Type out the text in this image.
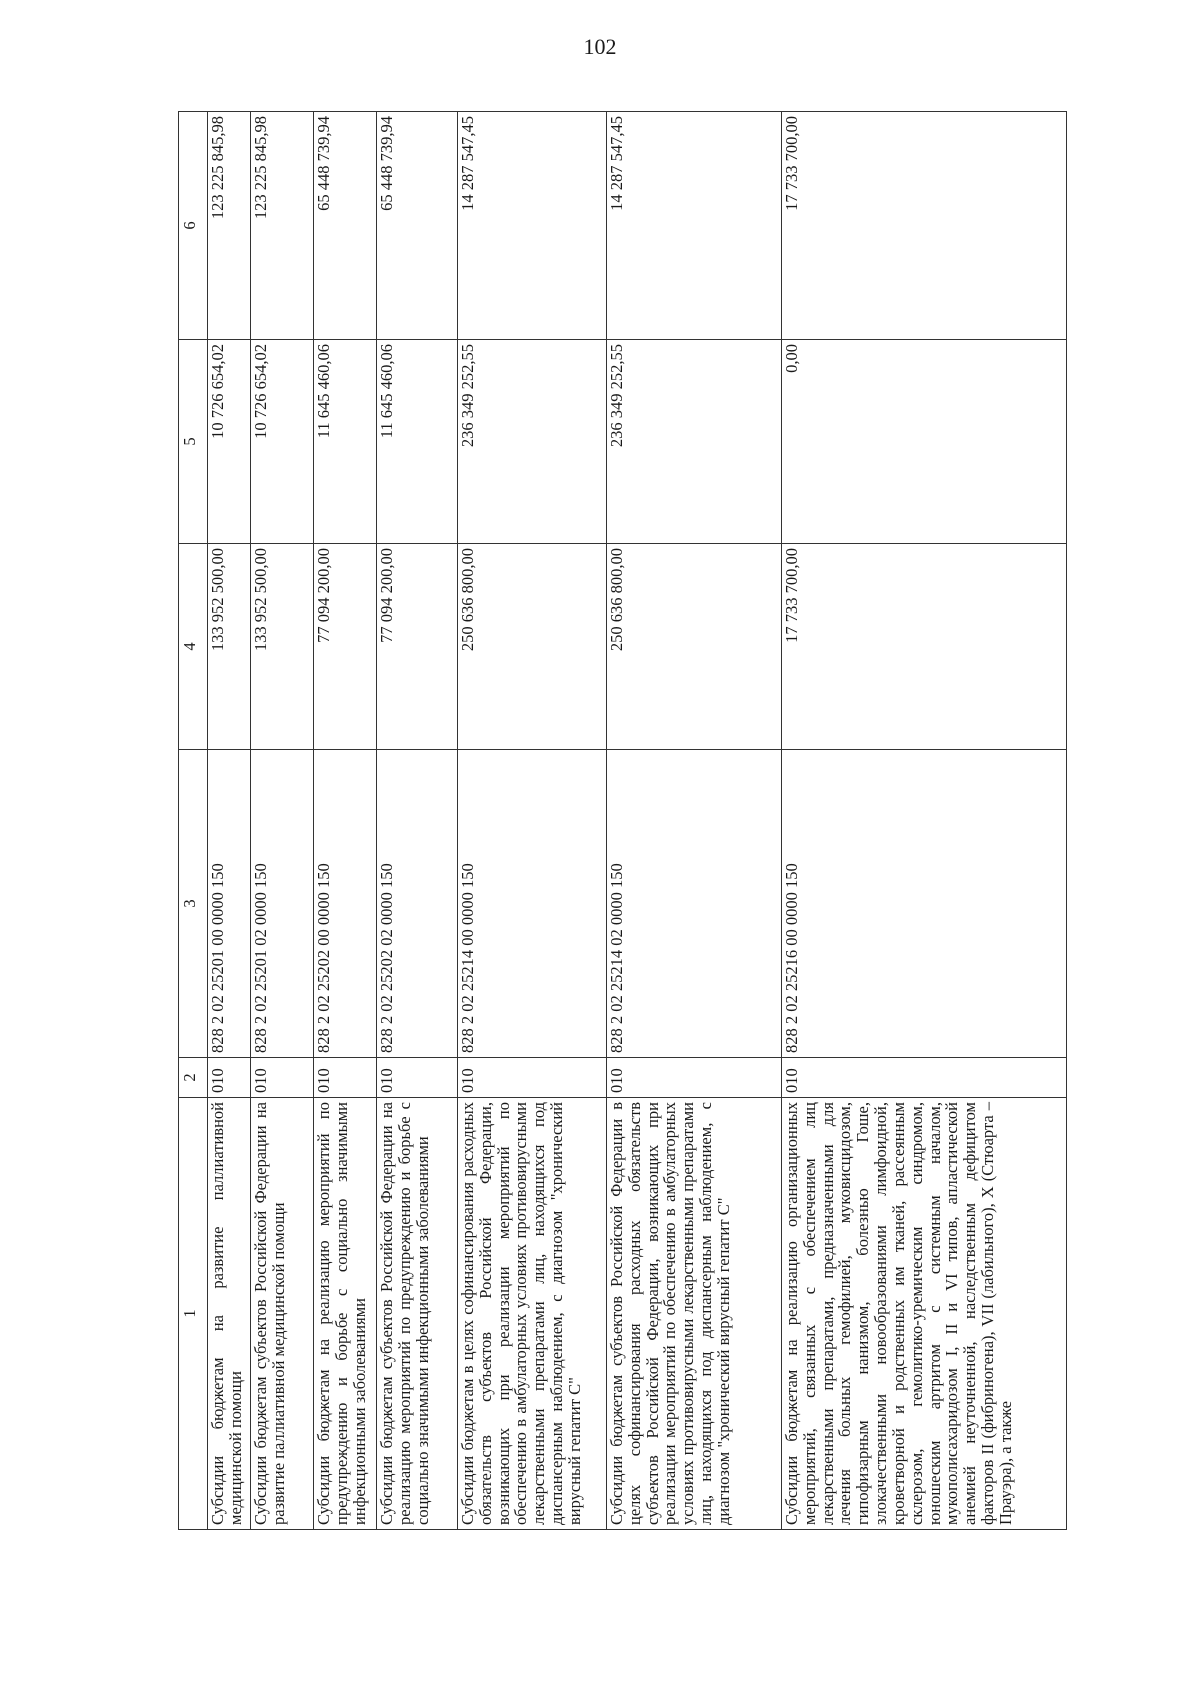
102
1	2	3	4	5	6
Субсидии бюджетам на развитие паллиативной медицинской помощи	010	828 2 02 25201 00 0000 150	133 952 500,00	10 726 654,02	123 225 845,98
Субсидии бюджетам субъектов Российской Федерации на развитие паллиативной медицинской помощи	010	828 2 02 25201 02 0000 150	133 952 500,00	10 726 654,02	123 225 845,98
Субсидии бюджетам на реализацию мероприятий по предупреждению и борьбе с социально значимыми инфекционными заболеваниями	010	828 2 02 25202 00 0000 150	77 094 200,00	11 645 460,06	65 448 739,94
Субсидии бюджетам субъектов Российской Федерации на реализацию мероприятий по предупреждению и борьбе с социально значимыми инфекционными заболеваниями	010	828 2 02 25202 02 0000 150	77 094 200,00	11 645 460,06	65 448 739,94
Субсидии бюджетам в целях софинансирования расходных обязательств субъектов Российской Федерации, возникающих при реализации мероприятий по обеспечению в амбулаторных условиях противовирусными лекарственными препаратами лиц, находящихся под диспансерным наблюдением, с диагнозом "хронический вирусный гепатит C"	010	828 2 02 25214 00 0000 150	250 636 800,00	236 349 252,55	14 287 547,45
Субсидии бюджетам субъектов Российской Федерации в целях софинансирования расходных обязательств субъектов Российской Федерации, возникающих при реализации мероприятий по обеспечению в амбулаторных условиях противовирусными лекарственными препаратами лиц, находящихся под диспансерным наблюдением, с диагнозом "хронический вирусный гепатит C"	010	828 2 02 25214 02 0000 150	250 636 800,00	236 349 252,55	14 287 547,45
Субсидии бюджетам на реализацию организационных мероприятий, связанных с обеспечением лиц лекарственными препаратами, предназначенными для лечения больных гемофилией, муковисцидозом, гипофизарным нанизмом, болезнью Гоше, злокачественными новообразованиями лимфоидной, кроветворной и родственных им тканей, рассеянным склерозом, гемолитико-уремическим синдромом, юношеским артритом с системным началом, мукополисахаридозом I, II и VI типов, апластической анемией неуточненной, наследственным дефицитом факторов II (фибриногена), VII (лабильного), X (Стюарта – Прауэра), а также	010	828 2 02 25216 00 0000 150	17 733 700,00	0,00	17 733 700,00
